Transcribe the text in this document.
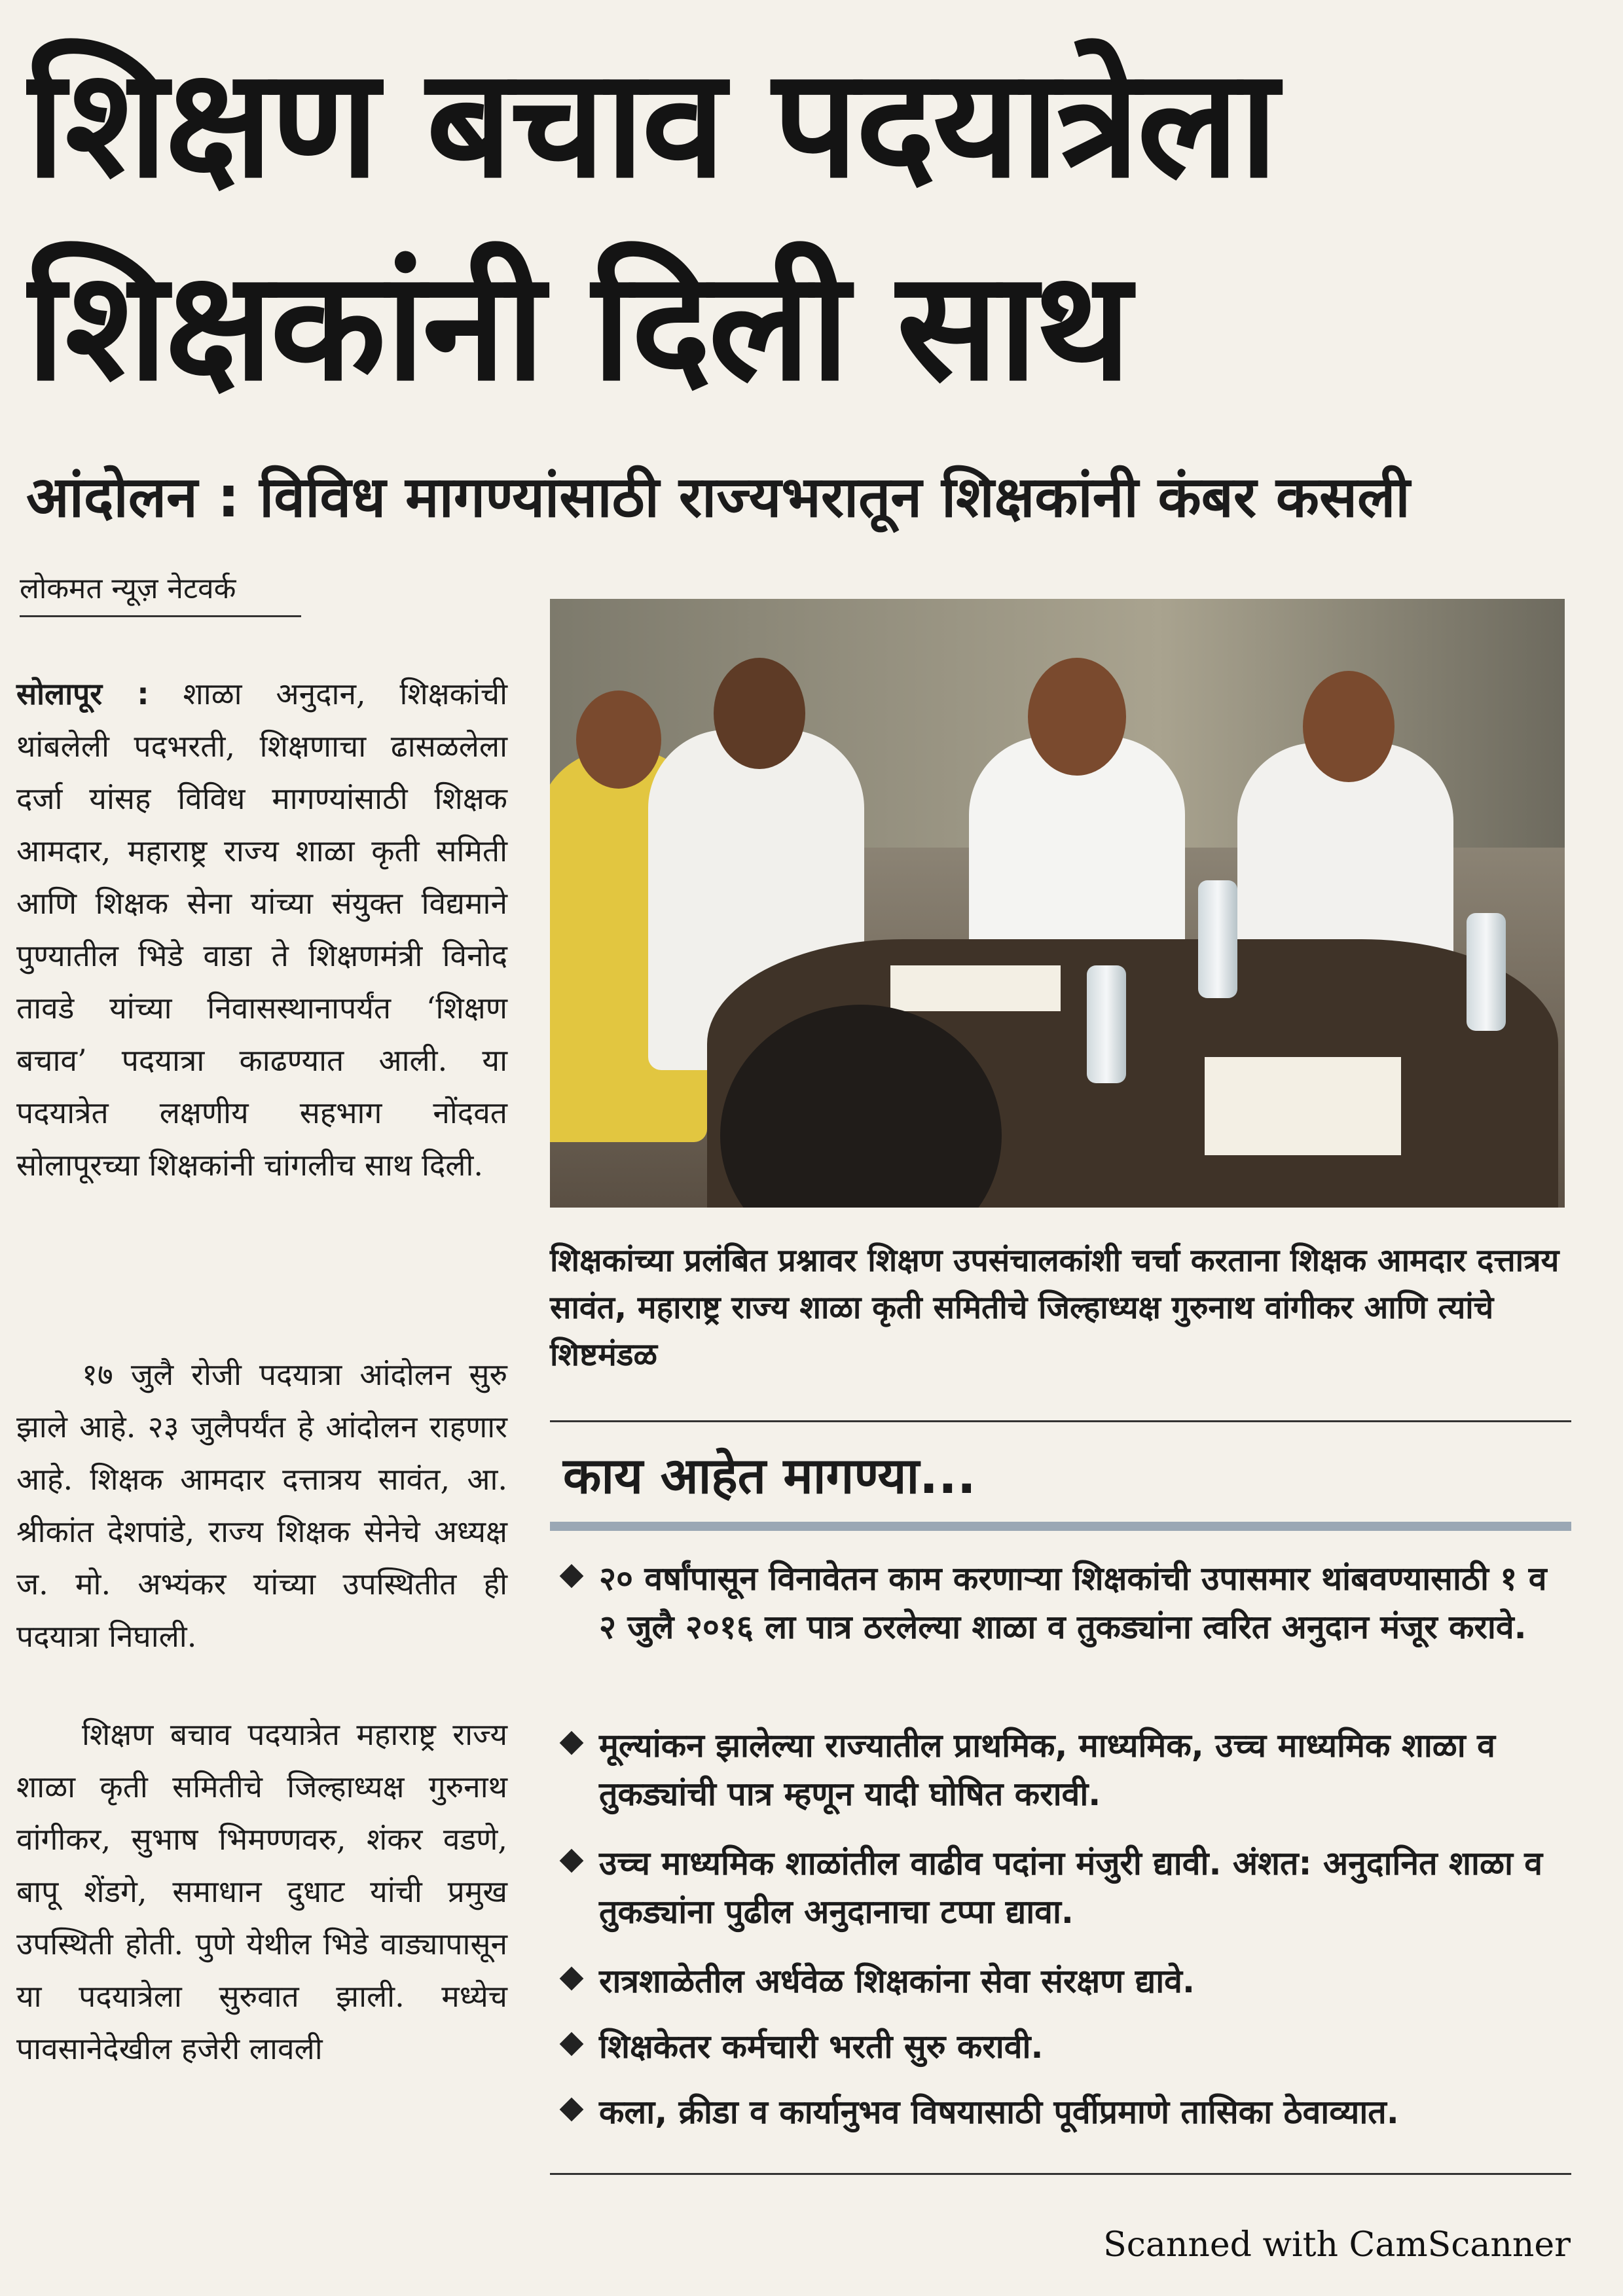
शिक्षण बचाव पदयात्रेला
शिक्षकांनी दिली साथ
आंदोलन : विविध मागण्यांसाठी राज्यभरातून शिक्षकांनी कंबर कसली
लोकमत न्यूज़ नेटवर्क

सोलापूर : शाळा अनुदान, शिक्षकांची थांबलेली पदभरती, शिक्षणाचा ढासळलेला दर्जा यांसह विविध मागण्यांसाठी शिक्षक आमदार, महाराष्ट्र राज्य शाळा कृती समिती आणि शिक्षक सेना यांच्या संयुक्त विद्यमाने पुण्यातील भिडे वाडा ते शिक्षणमंत्री विनोद तावडे यांच्या निवासस्थानापर्यंत ‘शिक्षण बचाव’ पदयात्रा काढण्यात आली. या पदयात्रेत लक्षणीय सहभाग नोंदवत सोलापूरच्या शिक्षकांनी चांगलीच साथ दिली.

१७ जुलै रोजी पदयात्रा आंदोलन सुरु झाले आहे. २३ जुलैपर्यंत हे आंदोलन राहणार आहे. शिक्षक आमदार दत्तात्रय सावंत, आ. श्रीकांत देशपांडे, राज्य शिक्षक सेनेचे अध्यक्ष ज. मो. अभ्यंकर यांच्या उपस्थितीत ही पदयात्रा निघाली.

शिक्षण बचाव पदयात्रेत महाराष्ट्र राज्य शाळा कृती समितीचे जिल्हाध्यक्ष गुरुनाथ वांगीकर, सुभाष भिमण्णवरु, शंकर वडणे, बापू शेंडगे, समाधान दुधाट यांची प्रमुख उपस्थिती होती. पुणे येथील भिडे वाड्यापासून या पदयात्रेला सुरुवात झाली. मध्येच पावसानेदेखील हजेरी लावली

शिक्षकांच्या प्रलंबित प्रश्नावर शिक्षण उपसंचालकांशी चर्चा करताना शिक्षक आमदार दत्तात्रय सावंत, महाराष्ट्र राज्य शाळा कृती समितीचे जिल्हाध्यक्ष गुरुनाथ वांगीकर आणि त्यांचे शिष्टमंडळ
काय आहेत मागण्या...
२० वर्षांपासून विनावेतन काम करणाऱ्या शिक्षकांची उपासमार थांबवण्यासाठी १ व २ जुलै २०१६ ला पात्र ठरलेल्या शाळा व तुकड्यांना त्वरित अनुदान मंजूर करावे.
मूल्यांकन झालेल्या राज्यातील प्राथमिक, माध्यमिक, उच्च माध्यमिक शाळा व तुकड्यांची पात्र म्हणून यादी घोषित करावी.
उच्च माध्यमिक शाळांतील वाढीव पदांना मंजुरी द्यावी. अंशत: अनुदानित शाळा व तुकड्यांना पुढील अनुदानाचा टप्पा द्यावा.
रात्रशाळेतील अर्धवेळ शिक्षकांना सेवा संरक्षण द्यावे.
शिक्षकेतर कर्मचारी भरती सुरु करावी.
कला, क्रीडा व कार्यानुभव विषयासाठी पूर्वीप्रमाणे तासिका ठेवाव्यात.
Scanned with CamScanner
